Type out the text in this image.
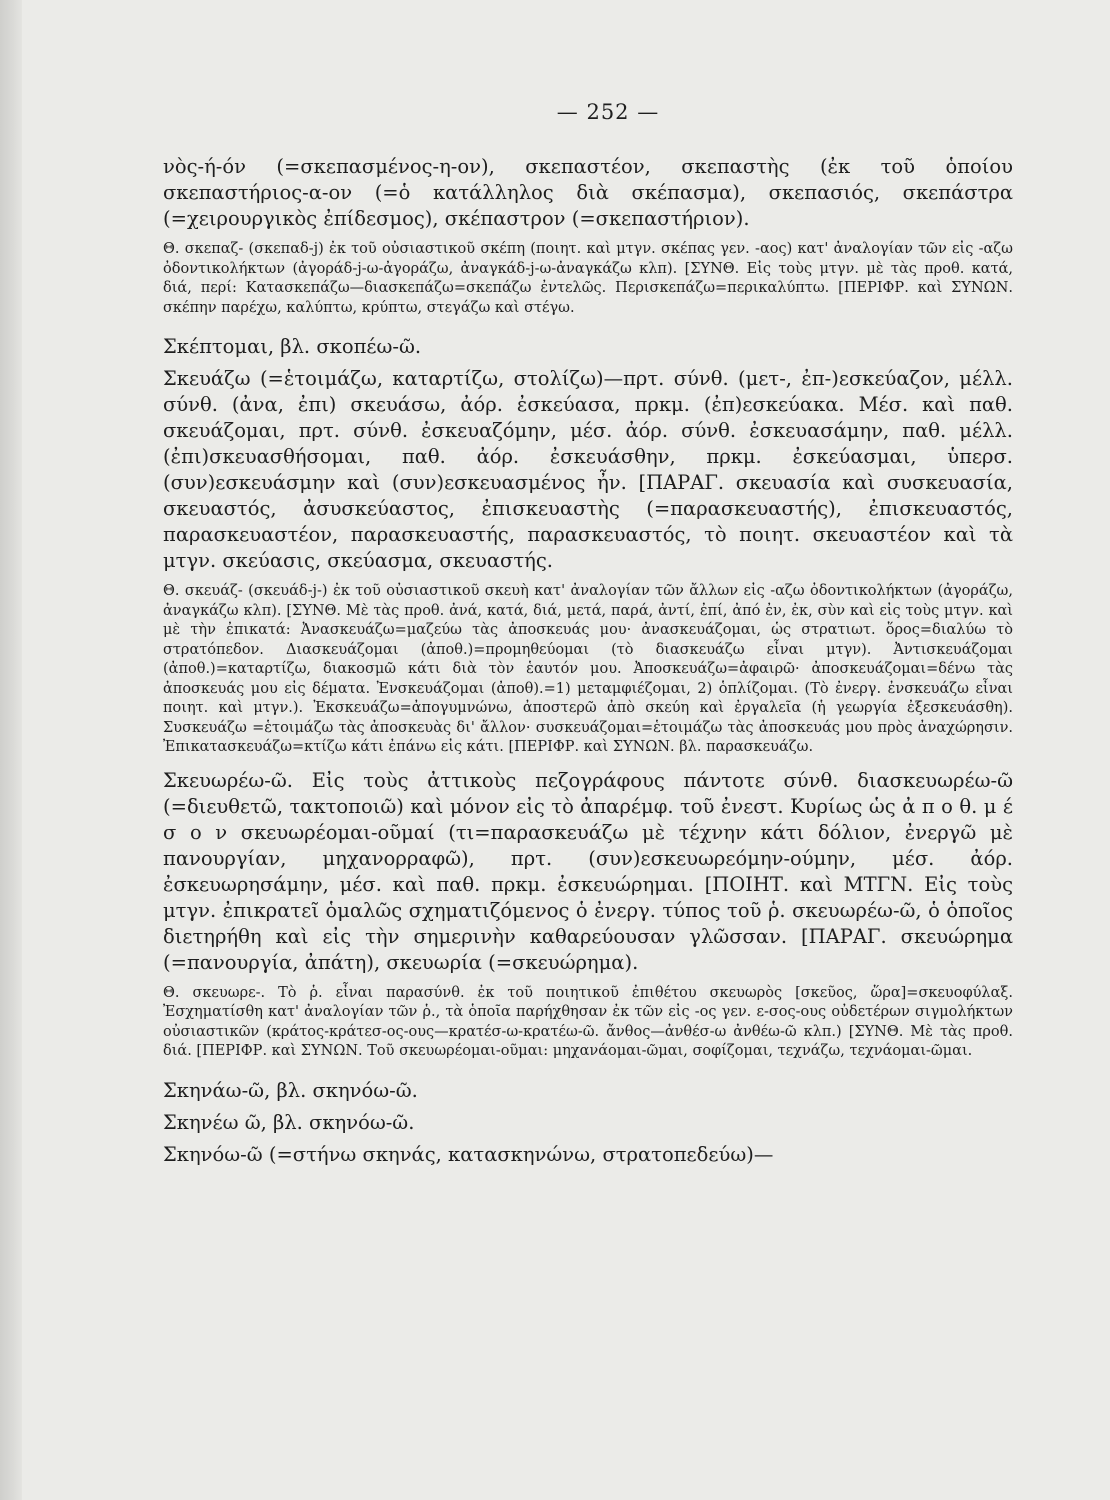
— 252 —

νὸς-ή-όν (=σκεπασμένος-η-ον), σκεπαστέον, σκεπαστὴς (ἐκ τοῦ ὁποίου σκεπαστήριος-α-ον (=ὁ κατάλληλος διὰ σκέπασμα), σκεπασιός, σκεπάστρα (=χειρουργικὸς ἐπίδεσμος), σκέπαστρον (=σκεπαστήριον).

Θ. σκεπαζ- (σκεπαδ-j) ἐκ τοῦ οὐσιαστικοῦ σκέπη (ποιητ. καὶ μτγν. σκέπας γεν. -αος) κατ' ἀναλογίαν τῶν εἰς -αζω ὀδοντικολήκτων (ἀγοράδ-j-ω-ἀγοράζω, ἀναγκάδ-j-ω-ἀναγκάζω κλπ). [ΣΥΝΘ. Εἰς τοὺς μτγν. μὲ τὰς προθ. κατά, διά, περί: Κατασκεπάζω—διασκεπάζω=σκεπάζω ἐντελῶς. Περισκεπάζω=περικαλύπτω. [ΠΕΡΙΦΡ. καὶ ΣΥΝΩΝ. σκέπην παρέχω, καλύπτω, κρύπτω, στεγάζω καὶ στέγω.

Σκέπτομαι, βλ. σκοπέω-ῶ.

Σκευάζω (=ἑτοιμάζω, καταρτίζω, στολίζω)—πρτ. σύνθ. (μετ-, ἐπ-)εσκεύαζον, μέλλ. σύνθ. (ἀνα, ἐπι) σκευάσω, ἀόρ. ἐσκεύασα, πρκμ. (ἐπ)εσκεύακα. Μέσ. καὶ παθ. σκευάζομαι, πρτ. σύνθ. ἐσκευαζόμην, μέσ. ἀόρ. σύνθ. ἐσκευασάμην, παθ. μέλλ. (ἐπι)σκευασθήσομαι, παθ. ἀόρ. ἐσκευάσθην, πρκμ. ἐσκεύασμαι, ὑπερσ. (συν)εσκευάσμην καὶ (συν)εσκευασμένος ἦν. [ΠΑΡΑΓ. σκευασία καὶ συσκευασία, σκευαστός, ἀσυσκεύαστος, ἐπισκευαστὴς (=παρασκευαστής), ἐπισκευαστός, παρασκευαστέον, παρασκευαστής, παρασκευαστός, τὸ ποιητ. σκευαστέον καὶ τὰ μτγν. σκεύασις, σκεύασμα, σκευαστής.

Θ. σκευάζ- (σκευάδ-j-) ἐκ τοῦ οὐσιαστικοῦ σκευὴ κατ' ἀναλογίαν τῶν ἄλλων εἰς -αζω ὀδοντικολήκτων (ἀγοράζω, ἀναγκάζω κλπ). [ΣΥΝΘ. Μὲ τὰς προθ. ἀνά, κατά, διά, μετά, παρά, ἀντί, ἐπί, ἀπό ἐν, ἐκ, σὺν καὶ εἰς τοὺς μτγν. καὶ μὲ τὴν ἐπικατά: Ἀνασκευάζω=μαζεύω τὰς ἀποσκευάς μου· ἀνασκευάζομαι, ὡς στρατιωτ. ὅρος=διαλύω τὸ στρατόπεδον. Διασκευάζομαι (ἀποθ.)=προμηθεύομαι (τὸ διασκευάζω εἶναι μτγν). Ἀντισκευάζομαι (ἀποθ.)=καταρτίζω, διακοσμῶ κάτι διὰ τὸν ἑαυτόν μου. Ἀποσκευάζω=ἀφαιρῶ· ἀποσκευάζομαι=δένω τὰς ἀποσκευάς μου εἰς δέματα. Ἐνσκευάζομαι (ἀποθ).=1) μεταμφιέζομαι, 2) ὁπλίζομαι. (Τὸ ἐνεργ. ἐνσκευάζω εἶναι ποιητ. καὶ μτγν.). Ἐκσκευάζω=ἀπογυμνώνω, ἀποστερῶ ἀπὸ σκεύη καὶ ἐργαλεῖα (ἡ γεωργία ἐξεσκευάσθη). Συσκευάζω =ἑτοιμάζω τὰς ἀποσκευὰς δι' ἄλλον· συσκευάζομαι=ἑτοιμάζω τὰς ἀποσκευάς μου πρὸς ἀναχώρησιν. Ἐπικατασκευάζω=κτίζω κάτι ἐπάνω εἰς κάτι. [ΠΕΡΙΦΡ. καὶ ΣΥΝΩΝ. βλ. παρασκευάζω.

Σκευωρέω-ῶ. Εἰς τοὺς ἀττικοὺς πεζογράφους πάντοτε σύνθ. διασκευωρέω-ῶ (=διευθετῶ, τακτοποιῶ) καὶ μόνον εἰς τὸ ἀπαρέμφ. τοῦ ἐνεστ. Κυρίως ὡς ἀ π ο θ. μ έ σ ο ν σκευωρέομαι-οῦμαί (τι=παρασκευάζω μὲ τέχνην κάτι δόλιον, ἐνεργῶ μὲ πανουργίαν, μηχανορραφῶ), πρτ. (συν)εσκευωρεόμην-ούμην, μέσ. ἀόρ. ἐσκευωρησάμην, μέσ. καὶ παθ. πρκμ. ἐσκευώρημαι. [ΠΟΙΗΤ. καὶ ΜΤΓΝ. Εἰς τοὺς μτγν. ἐπικρατεῖ ὁμαλῶς σχηματιζόμενος ὁ ἐνεργ. τύπος τοῦ ῥ. σκευωρέω-ῶ, ὁ ὁποῖος διετηρήθη καὶ εἰς τὴν σημερινὴν καθαρεύουσαν γλῶσσαν. [ΠΑΡΑΓ. σκευώρημα (=πανουργία, ἀπάτη), σκευωρία (=σκευώρημα).

Θ. σκευωρε-. Τὸ ῥ. εἶναι παρασύνθ. ἐκ τοῦ ποιητικοῦ ἐπιθέτου σκευωρὸς [σκεῦος, ὥρα]=σκευοφύλαξ. Ἐσχηματίσθη κατ' ἀναλογίαν τῶν ῥ., τὰ ὁποῖα παρήχθησαν ἐκ τῶν εἰς -ος γεν. ε-σος-ους οὐδετέρων σιγμολήκτων οὐσιαστικῶν (κράτος-κράτεσ-ος-ους—κρατέσ-ω-κρατέω-ῶ. ἄνθος—ἀνθέσ-ω ἀνθέω-ῶ κλπ.) [ΣΥΝΘ. Μὲ τὰς προθ. διά. [ΠΕΡΙΦΡ. καὶ ΣΥΝΩΝ. Τοῦ σκευωρέομαι-οῦμαι: μηχανάομαι-ῶμαι, σοφίζομαι, τεχνάζω, τεχνάομαι-ῶμαι.

Σκηνάω-ῶ, βλ. σκηνόω-ῶ.

Σκηνέω ῶ, βλ. σκηνόω-ῶ.

Σκηνόω-ῶ (=στήνω σκηνάς, κατασκηνώνω, στρατοπεδεύω)—
